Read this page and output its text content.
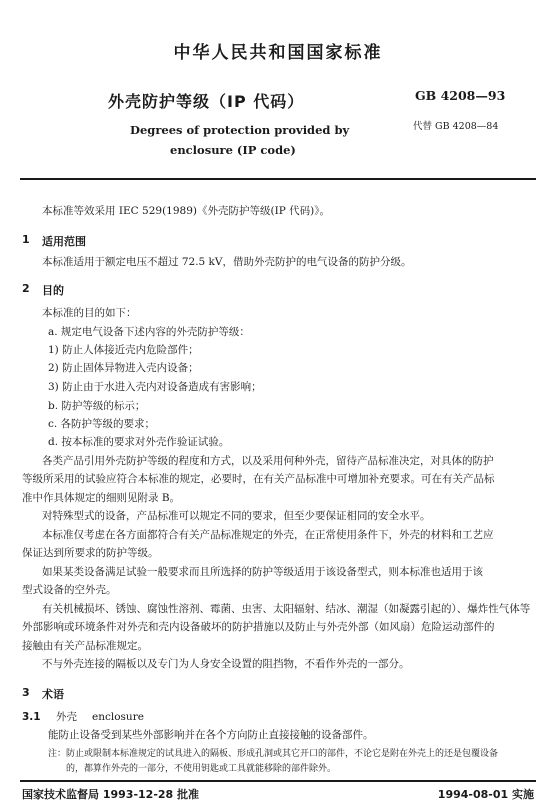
中华人民共和国国家标准
外壳防护等级（IP 代码）	GB 4208—93
Degrees of protection provided by
enclosure (IP code)
代替 GB 4208—84
本标准等效采用 IEC 529(1989)《外壳防护等级(IP 代码)》。
1 适用范围
本标准适用于额定电压不超过 72.5 kV，借助外壳防护的电气设备的防护分级。
2 目的
本标准的目的如下：
a. 规定电气设备下述内容的外壳防护等级：
1) 防止人体接近壳内危险部件；
2) 防止固体异物进入壳内设备；
3) 防止由于水进入壳内对设备造成有害影响；
b. 防护等级的标示；
c. 各防护等级的要求；
d. 按本标准的要求对外壳作验证试验。
各类产品引用外壳防护等级的程度和方式，以及采用何种外壳，留待产品标准决定，对具体的防护
等级所采用的试验应符合本标准的规定，必要时，在有关产品标准中可增加补充要求。可在有关产品标
准中作具体规定的细则见附录 B。
对特殊型式的设备，产品标准可以规定不同的要求，但至少要保证相同的安全水平。
本标准仅考虑在各方面都符合有关产品标准规定的外壳，在正常使用条件下，外壳的材料和工艺应
保证达到所要求的防护等级。
如果某类设备满足试验一般要求而且所选择的防护等级适用于该设备型式，则本标准也适用于该
型式设备的空外壳。
有关机械损坏、锈蚀、腐蚀性溶剂、霉菌、虫害、太阳辐射、结冰、潮湿（如凝露引起的）、爆炸性气体等
外部影响或环境条件对外壳和壳内设备破坏的防护措施以及防止与外壳外部（如风扇）危险运动部件的
接触由有关产品标准规定。
不与外壳连接的隔板以及专门为人身安全设置的阻挡物，不看作外壳的一部分。
3 术语
3.1 外壳 enclosure
能防止设备受到某些外部影响并在各个方向防止直接接触的设备部件。
注：防止或限制本标准规定的试具进入的隔板、形成孔洞或其它开口的部件，不论它是附在外壳上的还是包覆设备
的，都算作外壳的一部分，不使用钥匙或工具就能移除的部件除外。
国家技术监督局 1993-12-28 批准	1994-08-01 实施
